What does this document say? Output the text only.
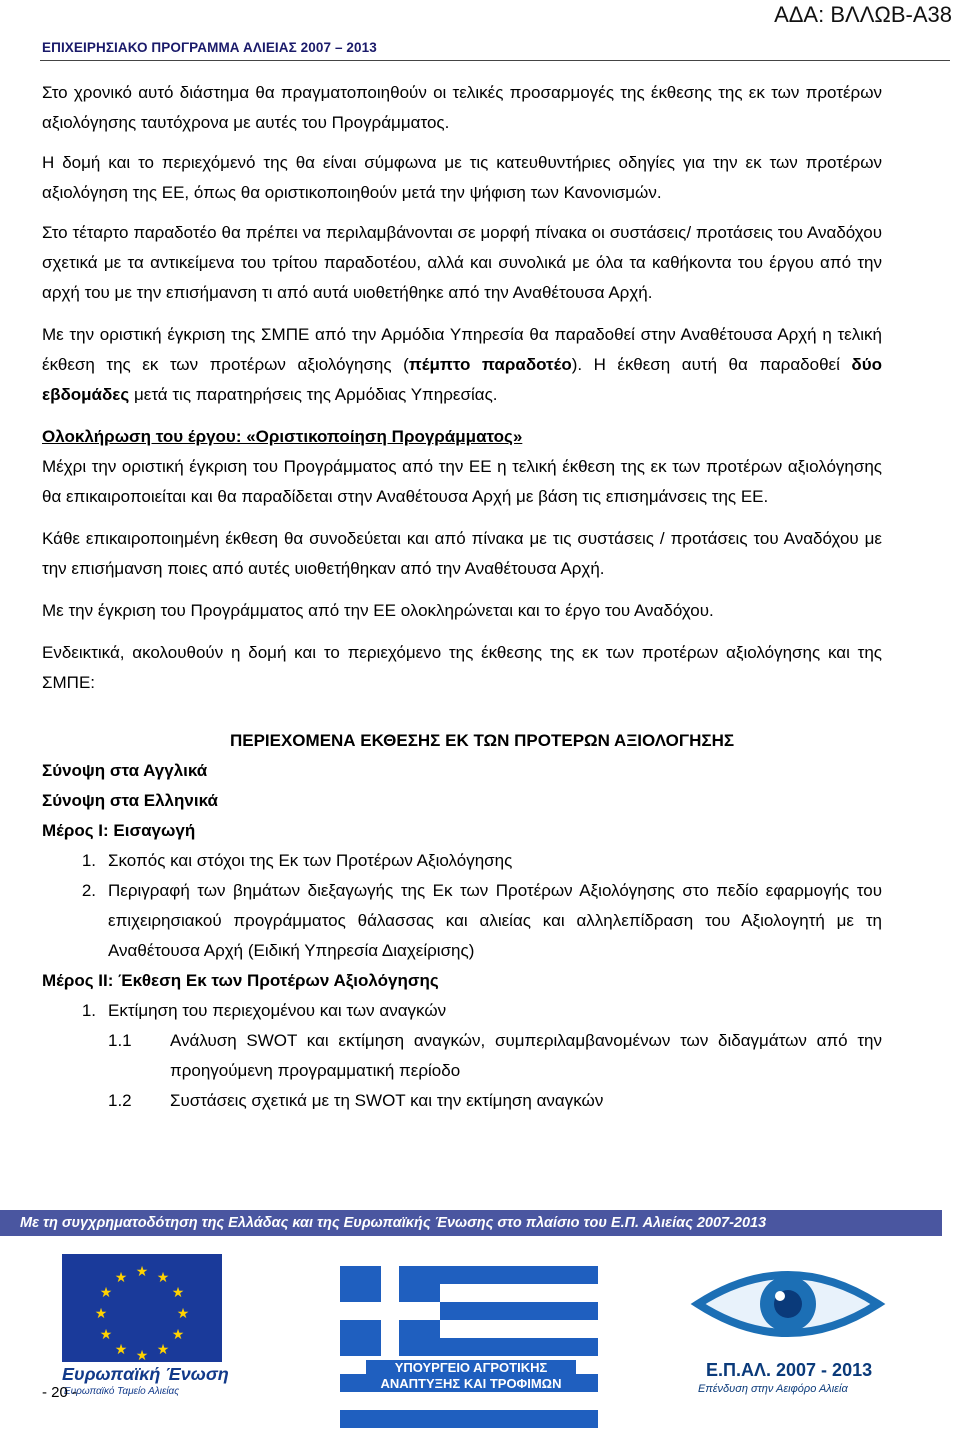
ΕΠΙΧΕΙΡΗΣΙΑΚΟ ΠΡΟΓΡΑΜΜΑ ΑΛΙΕΙΑΣ 2007 – 2013
ΑΔΑ: ΒΛΛΩΒ-Α38

Στο χρονικό αυτό διάστημα θα πραγματοποιηθούν οι τελικές προσαρμογές της έκθεσης της εκ των προτέρων αξιολόγησης ταυτόχρονα με αυτές του Προγράμματος.

Η δομή και το περιεχόμενό της θα είναι σύμφωνα με τις κατευθυντήριες οδηγίες για την εκ των προτέρων αξιολόγηση της ΕΕ, όπως θα οριστικοποιηθούν μετά την ψήφιση των Κανονισμών.

Στο τέταρτο παραδοτέο θα πρέπει να περιλαμβάνονται σε μορφή πίνακα οι συστάσεις/ προτάσεις του Αναδόχου σχετικά με τα αντικείμενα του τρίτου παραδοτέου, αλλά και συνολικά με όλα τα καθήκοντα του έργου από την αρχή του με την επισήμανση τι από αυτά υιοθετήθηκε από την Αναθέτουσα Αρχή.

Με την οριστική έγκριση της ΣΜΠΕ από την Αρμόδια Υπηρεσία θα παραδοθεί στην Αναθέτουσα Αρχή η τελική έκθεση της εκ των προτέρων αξιολόγησης (πέμπτο παραδοτέο). Η έκθεση αυτή θα παραδοθεί δύο εβδομάδες μετά τις παρατηρήσεις της Αρμόδιας Υπηρεσίας.

Ολοκλήρωση του έργου: «Οριστικοποίηση Προγράμματος»

Μέχρι την οριστική έγκριση του Προγράμματος από την ΕΕ η τελική έκθεση της εκ των προτέρων αξιολόγησης θα επικαιροποιείται και θα παραδίδεται στην Αναθέτουσα Αρχή με βάση τις επισημάνσεις της ΕΕ.

Κάθε επικαιροποιημένη έκθεση θα συνοδεύεται και από πίνακα με τις συστάσεις / προτάσεις του Αναδόχου με την επισήμανση ποιες από αυτές υιοθετήθηκαν από την Αναθέτουσα Αρχή.

Με την έγκριση του Προγράμματος από την ΕΕ ολοκληρώνεται και το έργο του Αναδόχου.

Ενδεικτικά, ακολουθούν η δομή και το περιεχόμενο της έκθεσης της εκ των προτέρων αξιολόγησης και της ΣΜΠΕ:

ΠΕΡΙΕΧΟΜΕΝΑ ΕΚΘΕΣΗΣ ΕΚ ΤΩΝ ΠΡΟΤΕΡΩΝ ΑΞΙΟΛΟΓΗΣΗΣ
Σύνοψη στα Αγγλικά
Σύνοψη στα Ελληνικά
Μέρος Ι: Εισαγωγή
1. Σκοπός και στόχοι της Εκ των Προτέρων Αξιολόγησης
2. Περιγραφή των βημάτων διεξαγωγής της Εκ των Προτέρων Αξιολόγησης στο πεδίο εφαρμογής του επιχειρησιακού προγράμματος θάλασσας και αλιείας και αλληλεπίδραση του Αξιολογητή με τη Αναθέτουσα Αρχή (Ειδική Υπηρεσία Διαχείρισης)
Μέρος ΙΙ: Έκθεση Εκ των Προτέρων Αξιολόγησης
1. Εκτίμηση του περιεχομένου και των αναγκών
1.1	Ανάλυση SWOT και εκτίμηση αναγκών, συμπεριλαμβανομένων των διδαγμάτων από την προηγούμενη προγραμματική περίοδο
1.2	Συστάσεις σχετικά με τη SWOT και την εκτίμηση αναγκών
Με τη συγχρηματοδότηση της Ελλάδας και της Ευρωπαϊκής Ένωσης στο πλαίσιο του Ε.Π. Αλιείας 2007-2013
★ ★
★
★
★
★
★
★
★
★
★
★
Ευρωπαϊκή Ένωση
Ευρωπαϊκό Ταμείο Αλιείας
ΥΠΟΥΡΓΕΙΟ ΑΓΡΟΤΙΚΗΣ
ΑΝΑΠΤΥΞΗΣ ΚΑΙ ΤΡΟΦΙΜΩΝ
Ε.Π.ΑΛ. 2007 - 2013
Επένδυση στην Αειφόρο Αλιεία
- 20 -
